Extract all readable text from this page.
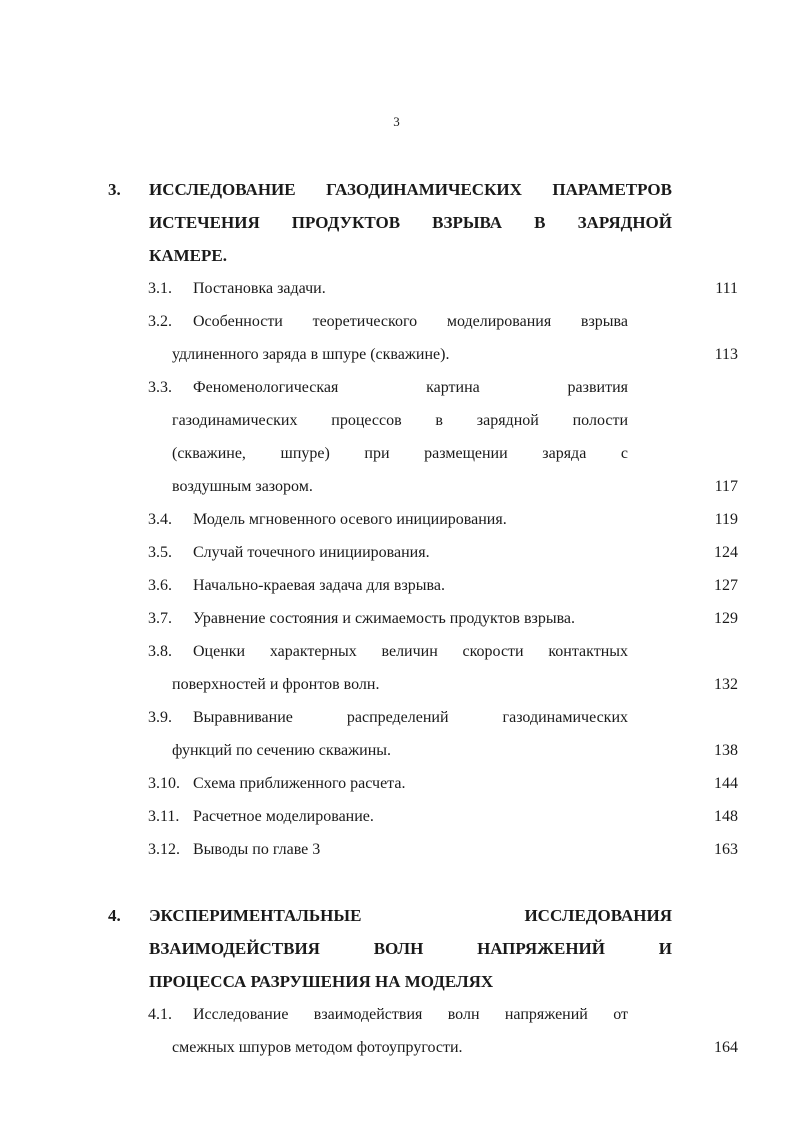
3
3. ИССЛЕДОВАНИЕ ГАЗОДИНАМИЧЕСКИХ ПАРАМЕТРОВ
ИСТЕЧЕНИЯ ПРОДУКТОВ ВЗРЫВА В ЗАРЯДНОЙ
КАМЕРЕ.
3.1. Постановка задачи.	111
3.2. Особенности теоретического моделирования взрыва
удлиненного заряда в шпуре (скважине).	113
3.3. Феноменологическая картина развития
газодинамических процессов в зарядной полости
(скважине, шпуре) при размещении заряда с
воздушным зазором.	117
3.4. Модель мгновенного осевого инициирования.	119
3.5. Случай точечного инициирования.	124
3.6. Начально-краевая задача для взрыва.	127
3.7. Уравнение состояния и сжимаемость продуктов взрыва.	129
3.8. Оценки характерных величин скорости контактных
поверхностей и фронтов волн.	132
3.9. Выравнивание распределений газодинамических
функций по сечению скважины.	138
3.10. Схема приближенного расчета.	144
3.11. Расчетное моделирование.	148
3.12. Выводы по главе 3	163
4. ЭКСПЕРИМЕНТАЛЬНЫЕ ИССЛЕДОВАНИЯ
ВЗАИМОДЕЙСТВИЯ ВОЛН НАПРЯЖЕНИЙ И
ПРОЦЕССА РАЗРУШЕНИЯ НА МОДЕЛЯХ
4.1. Исследование взаимодействия волн напряжений от
смежных шпуров методом фотоупругости.	164
